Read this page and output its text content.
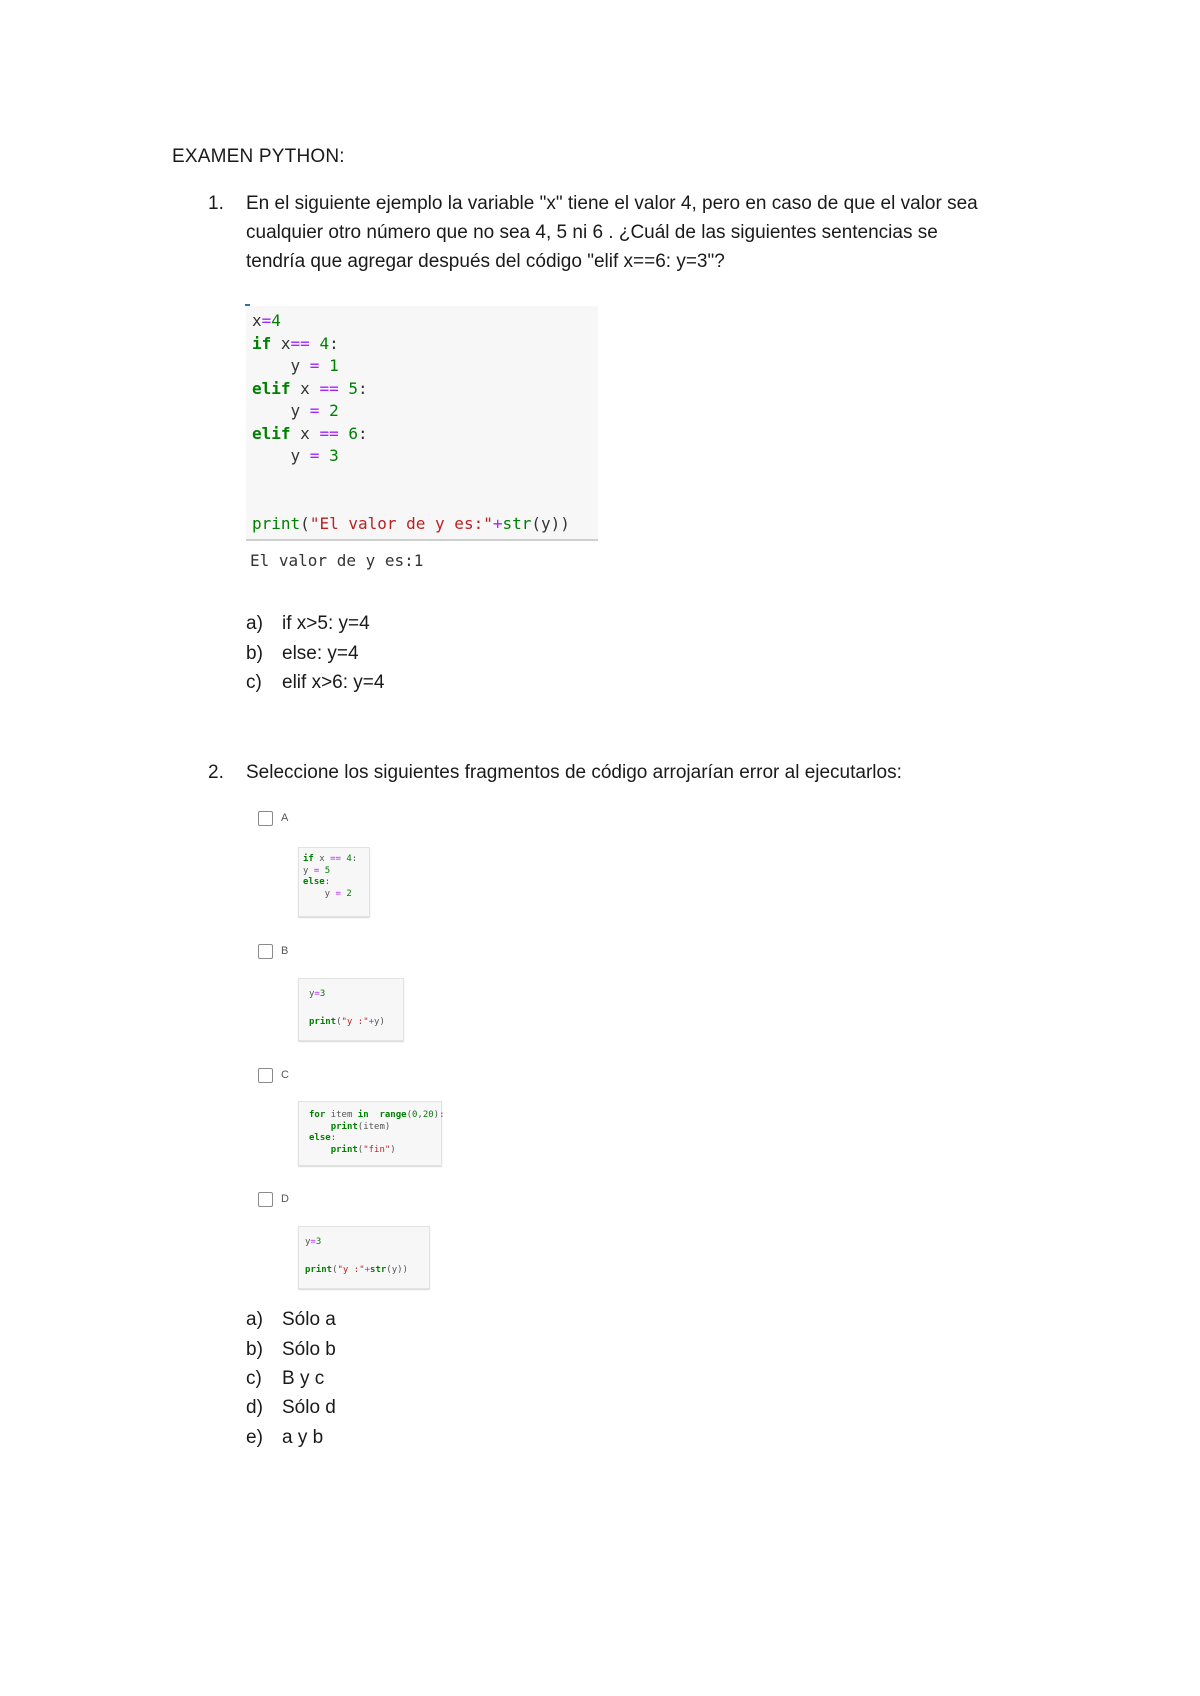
EXAMEN PYTHON:
1. En el siguiente ejemplo la variable "x" tiene el valor 4, pero en caso de que el valor sea
cualquier otro número que no sea 4, 5 ni 6 . ¿Cuál de las siguientes sentencias se
tendría que agregar después del código "elif x==6: y=3"?
x=4
if x== 4:
y = 1
elif x == 5:
y = 2
elif x == 6:
y = 3

print("El valor de y es:"+str(y))
El valor de y es:1
a) if x>5: y=4
b) else: y=4
c) elif x>6: y=4
2. Seleccione los siguientes fragmentos de código arrojarían error al ejecutarlos:
A
if x == 4:
y = 5
else:
y = 2
B
y=3

print("y :"+y)
C
for item in range(0,20):
print(item)
else:
print("fin")
D
y=3

print("y :"+str(y))
a) Sólo a
b) Sólo b
c) B y c
d) Sólo d
e) a y b
